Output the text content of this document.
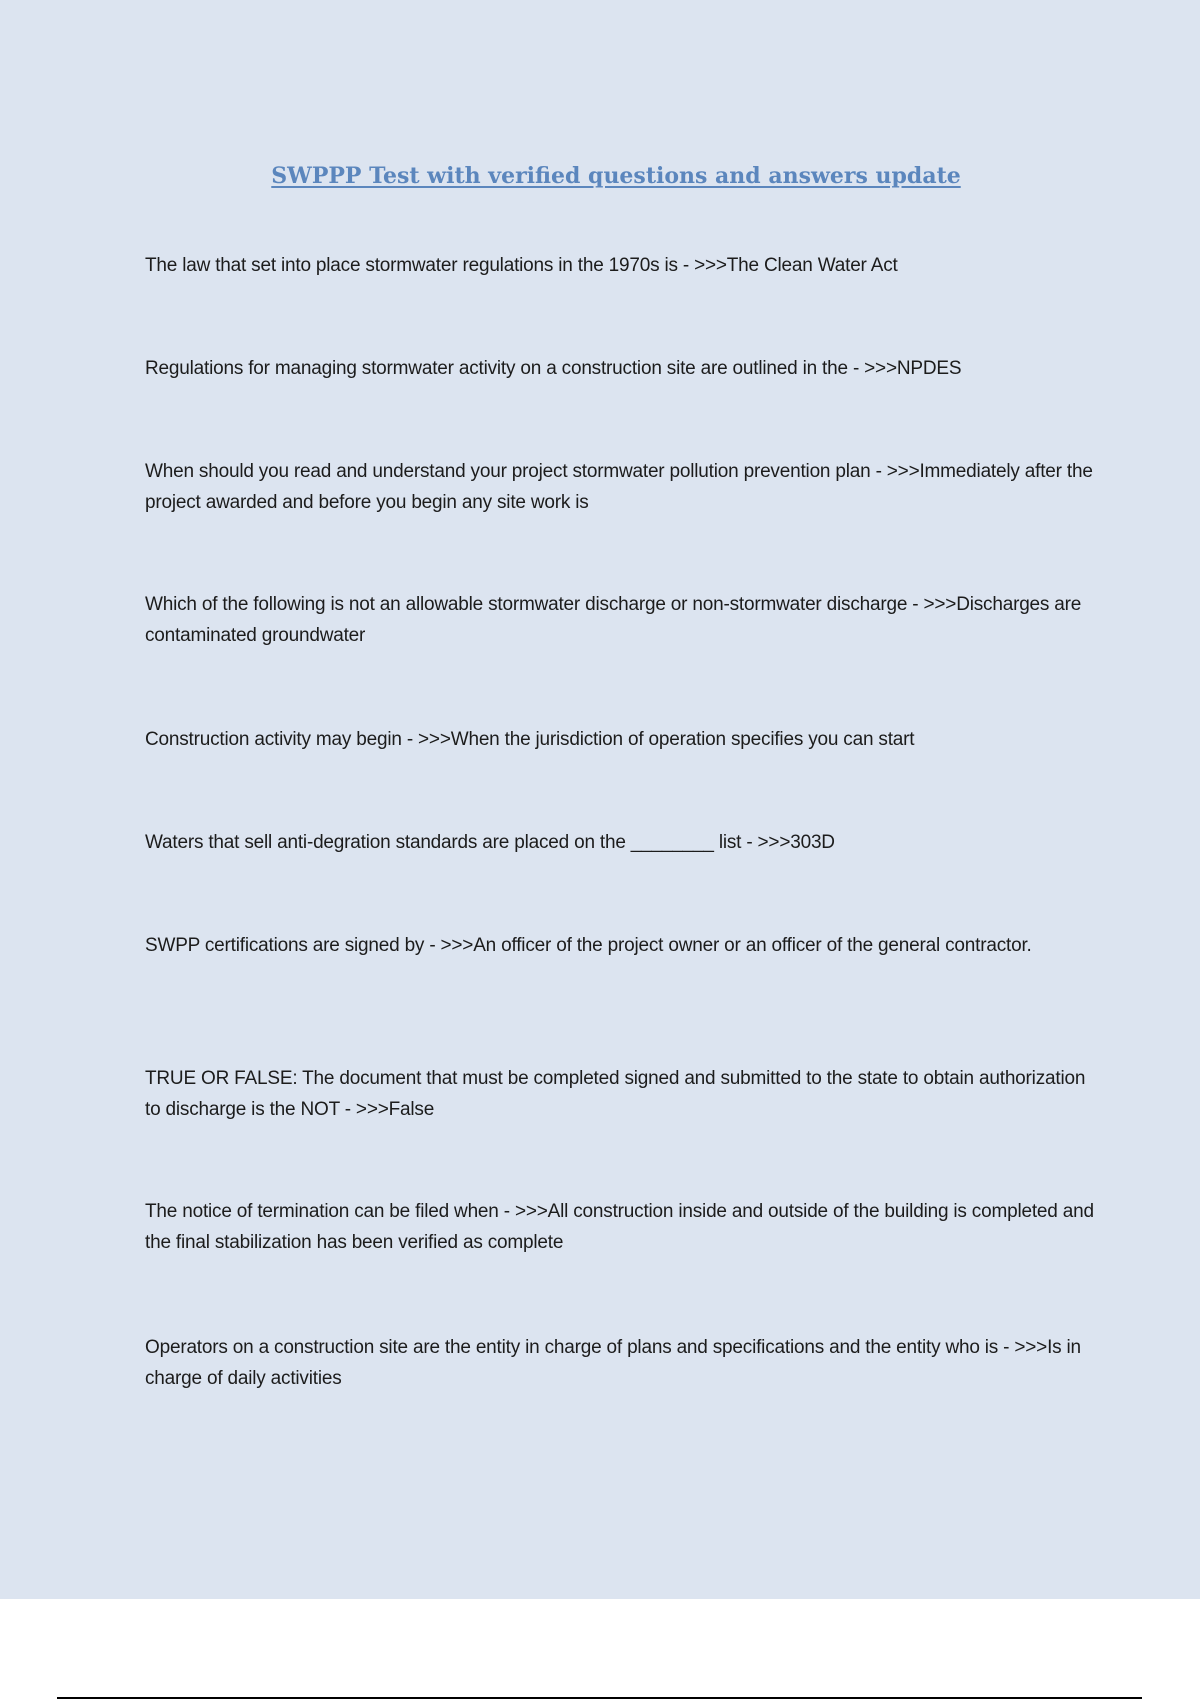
SWPPP Test with verified questions and answers update

The law that set into place stormwater regulations in the 1970s is - >>>The Clean Water Act

Regulations for managing stormwater activity on a construction site are outlined in the - >>>NPDES

When should you read and understand your project stormwater pollution prevention plan - >>>Immediately after the project awarded and before you begin any site work is

Which of the following is not an allowable stormwater discharge or non-stormwater discharge - >>>Discharges are contaminated groundwater

Construction activity may begin - >>>When the jurisdiction of operation specifies you can start

Waters that sell anti-degration standards are placed on the ________ list - >>>303D

SWPP certifications are signed by - >>>An officer of the project owner or an officer of the general contractor.

TRUE OR FALSE: The document that must be completed signed and submitted to the state to obtain authorization to discharge is the NOT - >>>False

The notice of termination can be filed when - >>>All construction inside and outside of the building is completed and the final stabilization has been verified as complete

Operators on a construction site are the entity in charge of plans and specifications and the entity who is - >>>Is in charge of daily activities
